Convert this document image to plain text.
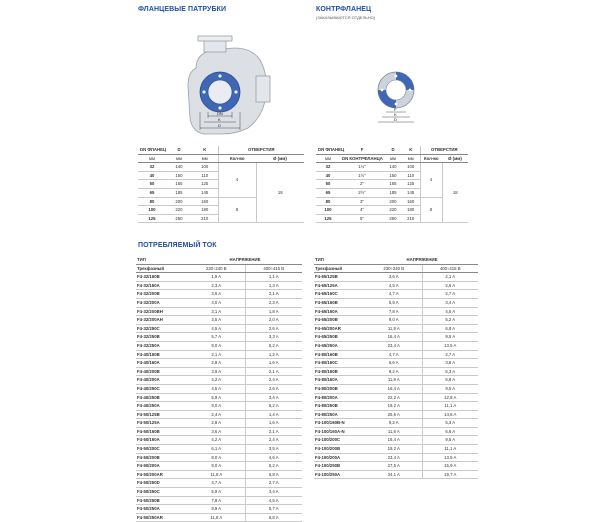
ФЛАНЦЕВЫЕ ПАТРУБКИ
DN
K
D
DN ФЛАНЕЦ	D	K	ОТВЕРСТИЯ	
мм	мм	мм	Кол-во	Ø (мм)
32	140	100	4	18
40	150	110		
50	165	125		
65	185	145		
80	200	160	8	
100	220	180		
125	250	210		
КОНТРФЛАНЕЦ
(ЗАКАЗЫВАЮТСЯ ОТДЕЛЬНО)
F
K
D
DN ФЛАНЕЦ	F	D	K	ОТВЕРСТИЯ	
мм	DN КОНТРФЛАНЦА	мм	мм	Кол-во	Ø (мм)
32	1¼"	140	100	4	18
40	1½"	150	110		
50	2"	165	125		
65	2½"	185	145		
80	3"	200	160	8	
100	4"	220	180		
125	5"	250	210		
ПОТРЕБЛЯЕМЫЙ ТОК
ТИП	НАПРЯЖЕНИЕ	
Трехфазный	230÷240 В	400÷415 В
F4-32/160B	1,9 A	1,1 A
F4-32/160A	2,3 A	1,3 A
F4-32/200B	3,6 A	2,1 A
F4-32/200A	4,0 A	2,3 A
F4-32/200BH	3,1 A	1,8 A
F4-32/200AH	3,5 A	2,0 A
F4-32/250C	4,5 A	2,6 A
F4-32/250B	5,7 A	3,3 A
F4-32/250A	9,0 A	5,2 A
F4-40/160B	2,1 A	1,2 A
F4-40/160A	2,8 A	1,6 A
F4-40/200B	3,6 A	2,1 A
F4-40/200A	4,2 A	2,4 A
F4-40/250C	4,5 A	2,6 A
F4-40/250B	5,9 A	3,4 A
F4-40/250A	9,0 A	5,2 A
F4-50/125B	2,4 A	1,4 A
F4-50/125A	2,8 A	1,6 A
F4-50/160B	3,6 A	2,1 A
F4-50/160A	4,2 A	2,4 A
F4-50/200C	6,1 A	3,5 A
F4-50/200B	8,0 A	4,6 A
F4-50/200A	9,0 A	5,2 A
F4-50/200AR	11,8 A	6,8 A
F4-50/250D	4,7 A	2,7 A
F4-50/250C	5,9 A	3,4 A
F4-50/250B	7,8 A	4,5 A
F4-50/250A	9,9 A	5,7 A
F4-50/250AR	11,8 A	6,8 A
ТИП	НАПРЯЖЕНИЕ	
Трехфазный	230÷240 В	400÷415 В
F4-65/125B	3,6 A	2,1 A
F4-65/125A	4,5 A	2,6 A
F4-65/160C	4,7 A	2,7 A
F4-65/160B	5,9 A	3,4 A
F4-65/160A	7,8 A	4,5 A
F4-65/200B	9,0 A	5,2 A
F4-65/200AR	11,8 A	6,8 A
F4-65/250B	16,4 A	9,5 A
F4-65/250A	23,4 A	13,5 A
F4-80/160B	4,7 A	2,7 A
F4-80/160C	6,6 A	3,8 A
F4-80/160B	9,2 A	5,3 A
F4-80/160A	11,8 A	6,8 A
F4-80/200B	16,4 A	9,5 A
F4-80/200A	22,2 A	12,8 A
F4-80/250B	19,2 A	11,1 A
F4-80/250A	25,6 A	14,8 A
F4-100/160B-N	9,2 A	5,3 A
F4-100/160A-N	11,8 A	6,8 A
F4-100/200C	16,4 A	9,5 A
F4-100/200B	19,2 A	11,1 A
F4-100/200A	23,4 A	13,5 A
F4-100/250B	27,5 A	15,9 A
F4-100/250A	34,1 A	19,7 A
